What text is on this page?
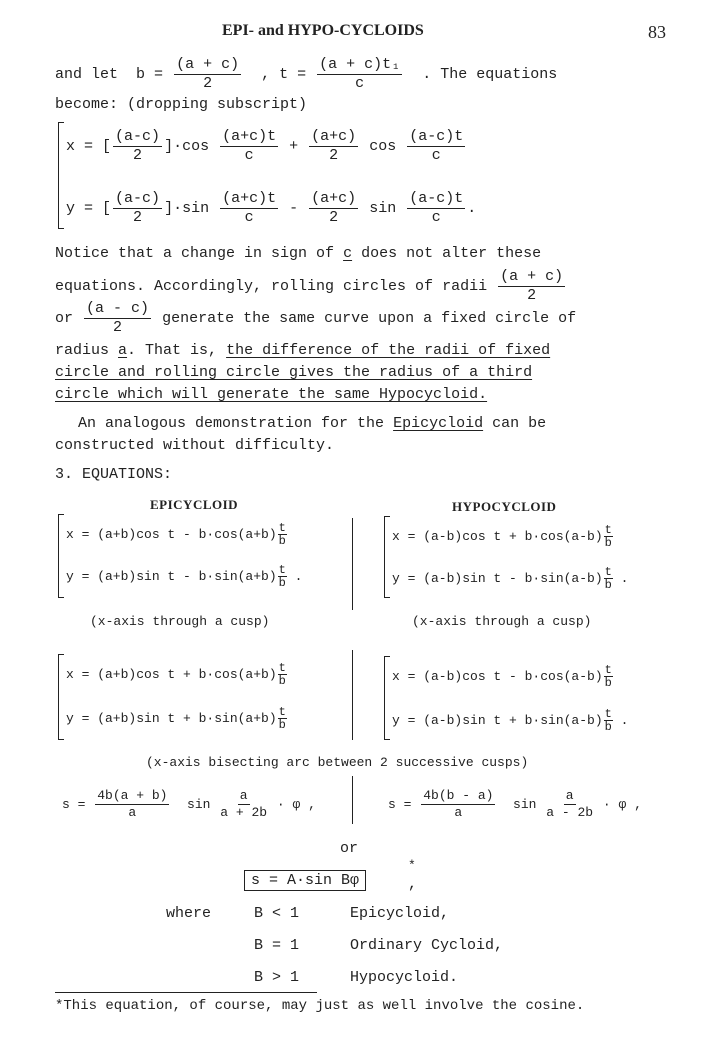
EPI- and HYPO-CYCLOIDS	83
and let
b =
$\frac{(a + c)}{2}$
,
t =
$\frac{\text{(a + c)t₁}}{c}$
. The equations
become: (dropping subscript)
x =
[ $\frac{(a-c)}{2} ]\cdot\cos$
$\frac{(a+c)t}{c}$
+
$\frac{(a+c)}{2}$
cos
$\frac{(a-c)t}{c}$
y =
[ $\frac{(a-c)}{2} ]\cdot\sin$
$\frac{(a+c)t}{c}$
-
$\frac{(a+c)}{2}$
sin
$\frac{(a-c)t}{c}$ .
Notice that a change in sign of c does not alter these
equations. Accordingly, rolling circles of radii
$\frac{(a + c)}{2}$
or
$\frac{(a - c)}{2}$
generate the same curve upon a fixed circle of
radius a. That is, the difference of the radii of fixed
circle and rolling circle gives the radius of a third
circle which will generate the same Hypocycloid.
An analogous demonstration for the Epicycloid can be
constructed without difficulty.
3. EQUATIONS:
EPICYCLOID	HYPOCYCLOID
x = (a+b)cos $t - b\cdot\cos(a+b) \frac{t}{b}$
y = (a+b)sin $t - b\cdot\sin(a+b) \frac{t}{b}$
.
x = (a-b)cos $t + b\cdot\cos(a-b) \frac{t}{b}$
y = (a-b)sin $t - b\cdot\sin(a-b) \frac{t}{b}$
.
(x-axis through a cusp)	(x-axis through a cusp)
x = (a+b)cos $t + b\cdot\cos(a+b) \frac{t}{b}$
y = (a+b)sin $t + b\cdot\sin(a+b) \frac{t}{b}$
x = (a-b)cos $t - b\cdot\cos(a-b) \frac{t}{b}$
y = (a-b)sin $t + b\cdot\sin(a-b) \frac{t}{b}$
.
(x-axis bisecting arc between 2 successive cusps)
s =
$\frac{4b(a + b)}{a}$
sin
$\frac{a}{a + 2b}$
· φ ,	s =
$\frac{4b(b - a)}{a}$
sin
$\frac{a}{a - 2b}$
· φ ,
or
*
s = A·sin Bφ	,
where	B < 1	Epicycloid,
B = 1	Ordinary Cycloid,
B > 1	Hypocycloid.
*This equation, of course, may just as well involve the cosine.
